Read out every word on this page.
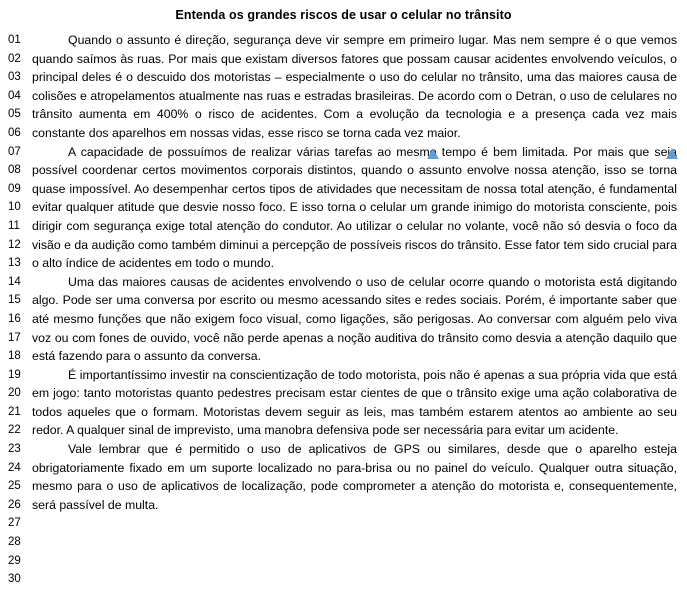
Entenda os grandes riscos de usar o celular no trânsito
01
02
03
04
05
06
07
08
09
10
11
12
13
14
15
16
17
18
19
20
21
22
23
24
25
26
27
28
29
30

Quando o assunto é direção, segurança deve vir sempre em primeiro lugar. Mas nem sempre é o que vemos quando saímos às ruas. Por mais que existam diversos fatores que possam causar acidentes envolvendo veículos, o principal deles é o descuido dos motoristas – especialmente o uso do celular no trânsito, uma das maiores causa de colisões e atropelamentos atualmente nas ruas e estradas brasileiras. De acordo com o Detran, o uso de celulares no trânsito aumenta em 400% o risco de acidentes. Com a evolução da tecnologia e a presença cada vez mais constante dos aparelhos em nossas vidas, esse risco se torna cada vez maior.

A capacidade de possuímos de realizar várias tarefas ao mesmo tempo é bem limitada. Por mais que seja possível coordenar certos movimentos corporais distintos, quando o assunto envolve nossa atenção, isso se torna quase impossível. Ao desempenhar certos tipos de atividades que necessitam de nossa total atenção, é fundamental evitar qualquer atitude que desvie nosso foco. E isso torna o celular um grande inimigo do motorista consciente, pois dirigir com segurança exige total atenção do condutor. Ao utilizar o celular no volante, você não só desvia o foco da visão e da audição como também diminui a percepção de possíveis riscos do trânsito. Esse fator tem sido crucial para o alto índice de acidentes em todo o mundo.

Uma das maiores causas de acidentes envolvendo o uso de celular ocorre quando o motorista está digitando algo. Pode ser uma conversa por escrito ou mesmo acessando sites e redes sociais. Porém, é importante saber que até mesmo funções que não exigem foco visual, como ligações, são perigosas. Ao conversar com alguém pelo viva voz ou com fones de ouvido, você não perde apenas a noção auditiva do trânsito como desvia a atenção daquilo que está fazendo para o assunto da conversa.

É importantíssimo investir na conscientização de todo motorista, pois não é apenas a sua própria vida que está em jogo: tanto motoristas quanto pedestres precisam estar cientes de que o trânsito exige uma ação colaborativa de todos aqueles que o formam. Motoristas devem seguir as leis, mas também estarem atentos ao ambiente ao seu redor. A qualquer sinal de imprevisto, uma manobra defensiva pode ser necessária para evitar um acidente.

Vale lembrar que é permitido o uso de aplicativos de GPS ou similares, desde que o aparelho esteja obrigatoriamente fixado em um suporte localizado no para-brisa ou no painel do veículo. Qualquer outra situação, mesmo para o uso de aplicativos de localização, pode comprometer a atenção do motorista e, consequentemente, será passível de multa.
